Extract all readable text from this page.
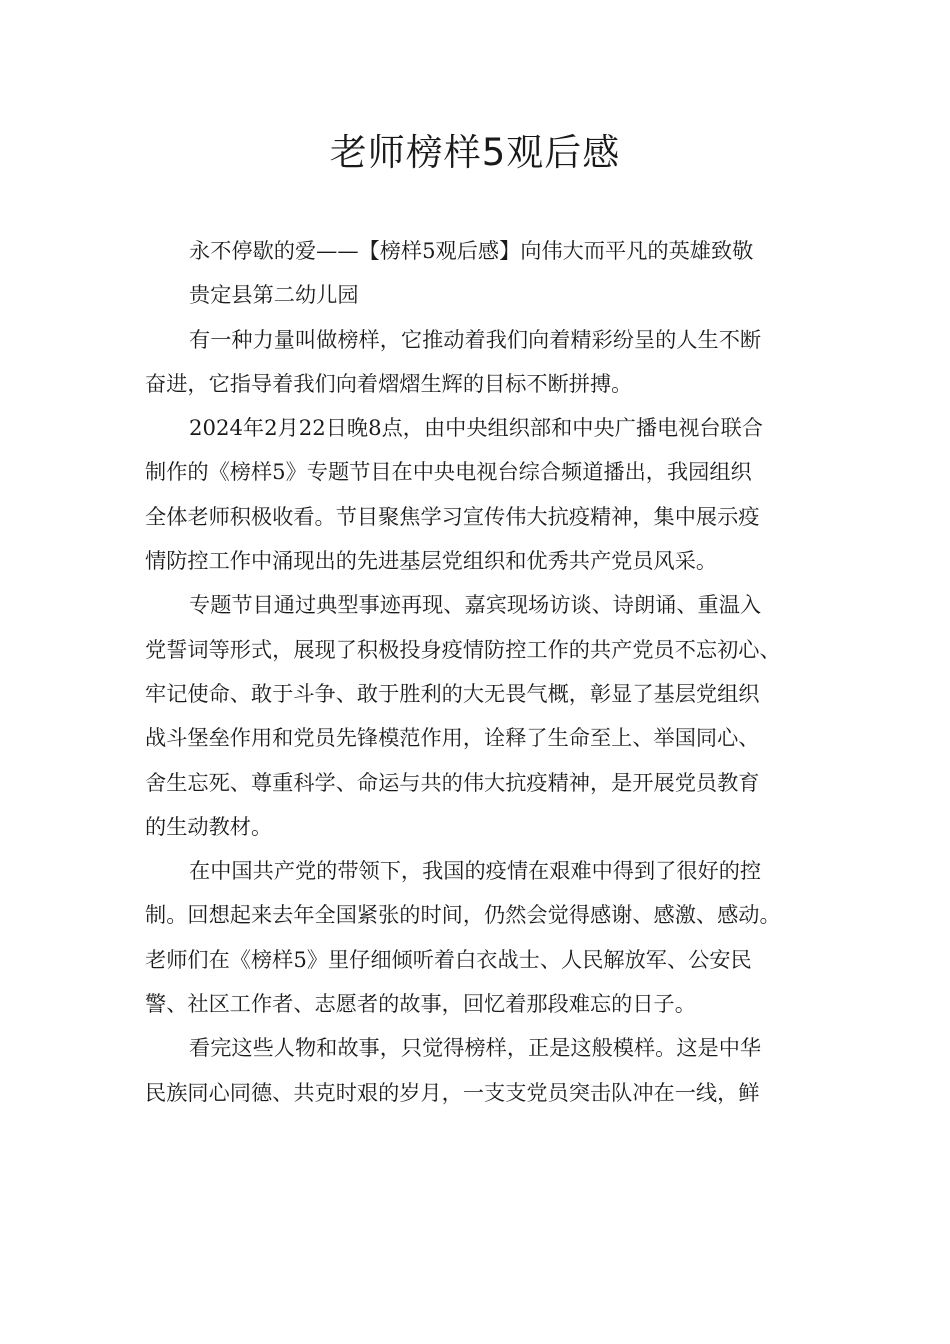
老师榜样5观后感
永不停歇的爱——【榜样5观后感】向伟大而平凡的英雄致敬
贵定县第二幼儿园
有一种力量叫做榜样，它推动着我们向着精彩纷呈的人生不断
奋进，它指导着我们向着熠熠生辉的目标不断拼搏。
2024年2月22日晚8点，由中央组织部和中央广播电视台联合
制作的《榜样5》专题节目在中央电视台综合频道播出，我园组织
全体老师积极收看。节目聚焦学习宣传伟大抗疫精神，集中展示疫
情防控工作中涌现出的先进基层党组织和优秀共产党员风采。
专题节目通过典型事迹再现、嘉宾现场访谈、诗朗诵、重温入
党誓词等形式，展现了积极投身疫情防控工作的共产党员不忘初心、
牢记使命、敢于斗争、敢于胜利的大无畏气概，彰显了基层党组织
战斗堡垒作用和党员先锋模范作用，诠释了生命至上、举国同心、
舍生忘死、尊重科学、命运与共的伟大抗疫精神，是开展党员教育
的生动教材。
在中国共产党的带领下，我国的疫情在艰难中得到了很好的控
制。回想起来去年全国紧张的时间，仍然会觉得感谢、感激、感动。
老师们在《榜样5》里仔细倾听着白衣战士、人民解放军、公安民
警、社区工作者、志愿者的故事，回忆着那段难忘的日子。
看完这些人物和故事，只觉得榜样，正是这般模样。这是中华
民族同心同德、共克时艰的岁月，一支支党员突击队冲在一线，鲜
